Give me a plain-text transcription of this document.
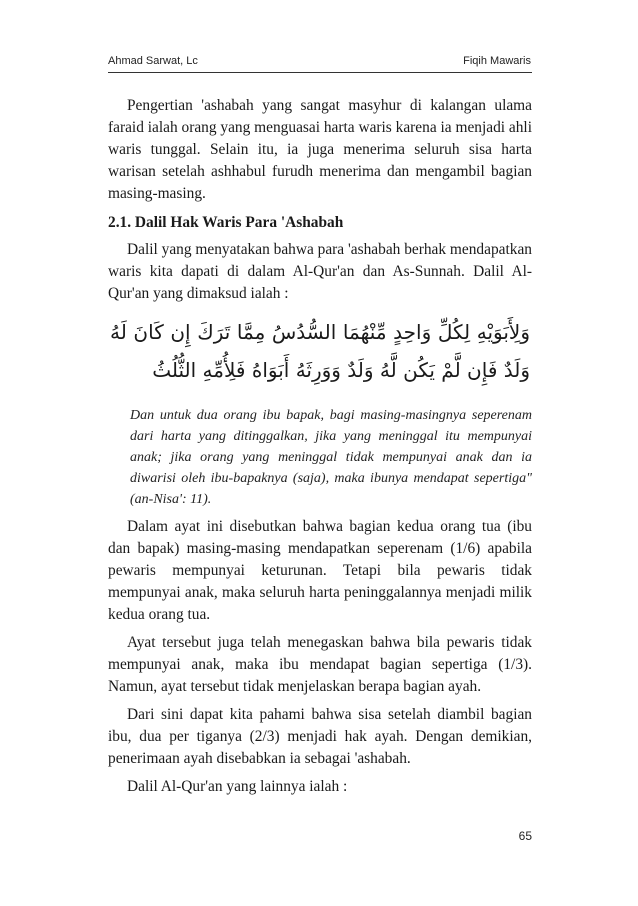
Ahmad Sarwat, Lc	Fiqih Mawaris

Pengertian 'ashabah yang sangat masyhur di kalangan ulama faraid ialah orang yang menguasai harta waris karena ia menjadi ahli waris tunggal. Selain itu, ia juga menerima seluruh sisa harta warisan setelah ashhabul furudh menerima dan mengambil bagian masing-masing.

2.1. Dalil Hak Waris Para 'Ashabah

Dalil yang menyatakan bahwa para 'ashabah berhak mendapatkan waris kita dapati di dalam Al-Qur'an dan As-Sunnah. Dalil Al-Qur'an yang dimaksud ialah :

وَلِأَبَوَيْهِ لِكُلِّ وَاحِدٍ مِّنْهُمَا السُّدُسُ مِمَّا تَرَكَ إِن كَانَ لَهُ وَلَدٌ فَإِن لَّمْ يَكُن لَّهُ وَلَدٌ وَوَرِثَهُ أَبَوَاهُ فَلِأُمِّهِ الثُّلُثُ

Dan untuk dua orang ibu bapak, bagi masing-masingnya seperenam dari harta yang ditinggalkan, jika yang meninggal itu mempunyai anak; jika orang yang meninggal tidak mempunyai anak dan ia diwarisi oleh ibu-bapaknya (saja), maka ibunya mendapat sepertiga" (an-Nisa': 11).

Dalam ayat ini disebutkan bahwa bagian kedua orang tua (ibu dan bapak) masing-masing mendapatkan seperenam (1/6) apabila pewaris mempunyai keturunan. Tetapi bila pewaris tidak mempunyai anak, maka seluruh harta peninggalannya menjadi milik kedua orang tua.

Ayat tersebut juga telah menegaskan bahwa bila pewaris tidak mempunyai anak, maka ibu mendapat bagian sepertiga (1/3). Namun, ayat tersebut tidak menjelaskan berapa bagian ayah.

Dari sini dapat kita pahami bahwa sisa setelah diambil bagian ibu, dua per tiganya (2/3) menjadi hak ayah. Dengan demikian, penerimaan ayah disebabkan ia sebagai 'ashabah.

Dalil Al-Qur'an yang lainnya ialah :

65
